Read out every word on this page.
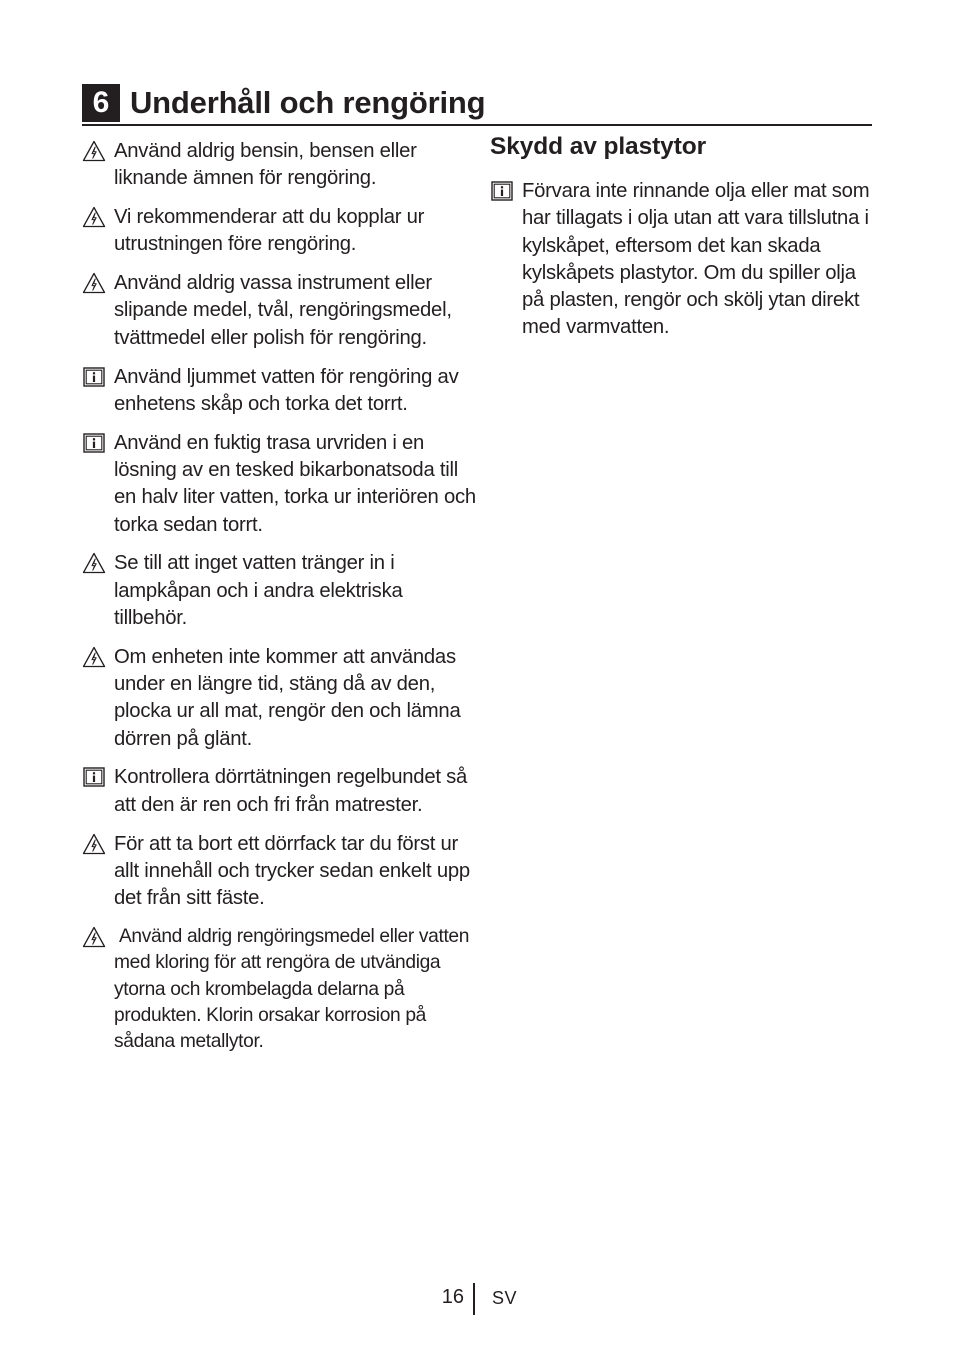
6 Underhåll och rengöring
Använd aldrig bensin, bensen eller liknande ämnen för rengöring.
Vi rekommenderar att du kopplar ur utrustningen före rengöring.
Använd aldrig vassa instrument eller slipande medel, tvål, rengöringsmedel, tvättmedel eller polish för rengöring.
Använd ljummet vatten för rengöring av enhetens skåp och torka det torrt.
Använd en fuktig trasa urvriden i en lösning av en tesked bikarbonatsoda till en halv liter vatten, torka ur interiören och torka sedan torrt.
Se till att inget vatten tränger in i lampkåpan och i andra elektriska tillbehör.
Om enheten inte kommer att användas under en längre tid, stäng då av den, plocka ur all mat, rengör den och lämna dörren på glänt.
Kontrollera dörrtätningen regelbundet så att den är ren och fri från matrester.
För att ta bort ett dörrfack tar du först ur allt innehåll och trycker sedan enkelt upp det från sitt fäste.
Använd aldrig rengöringsmedel eller vatten med kloring för att rengöra de utvändiga ytorna och krombelagda delarna på produkten. Klorin orsakar korrosion på sådana metallytor.
Skydd av plastytor
Förvara inte rinnande olja eller mat som har tillagats i olja utan att vara tillslutna i kylskåpet, eftersom det kan skada kylskåpets plastytor. Om du spiller olja på plasten, rengör och skölj ytan direkt med varmvatten.
16 SV
